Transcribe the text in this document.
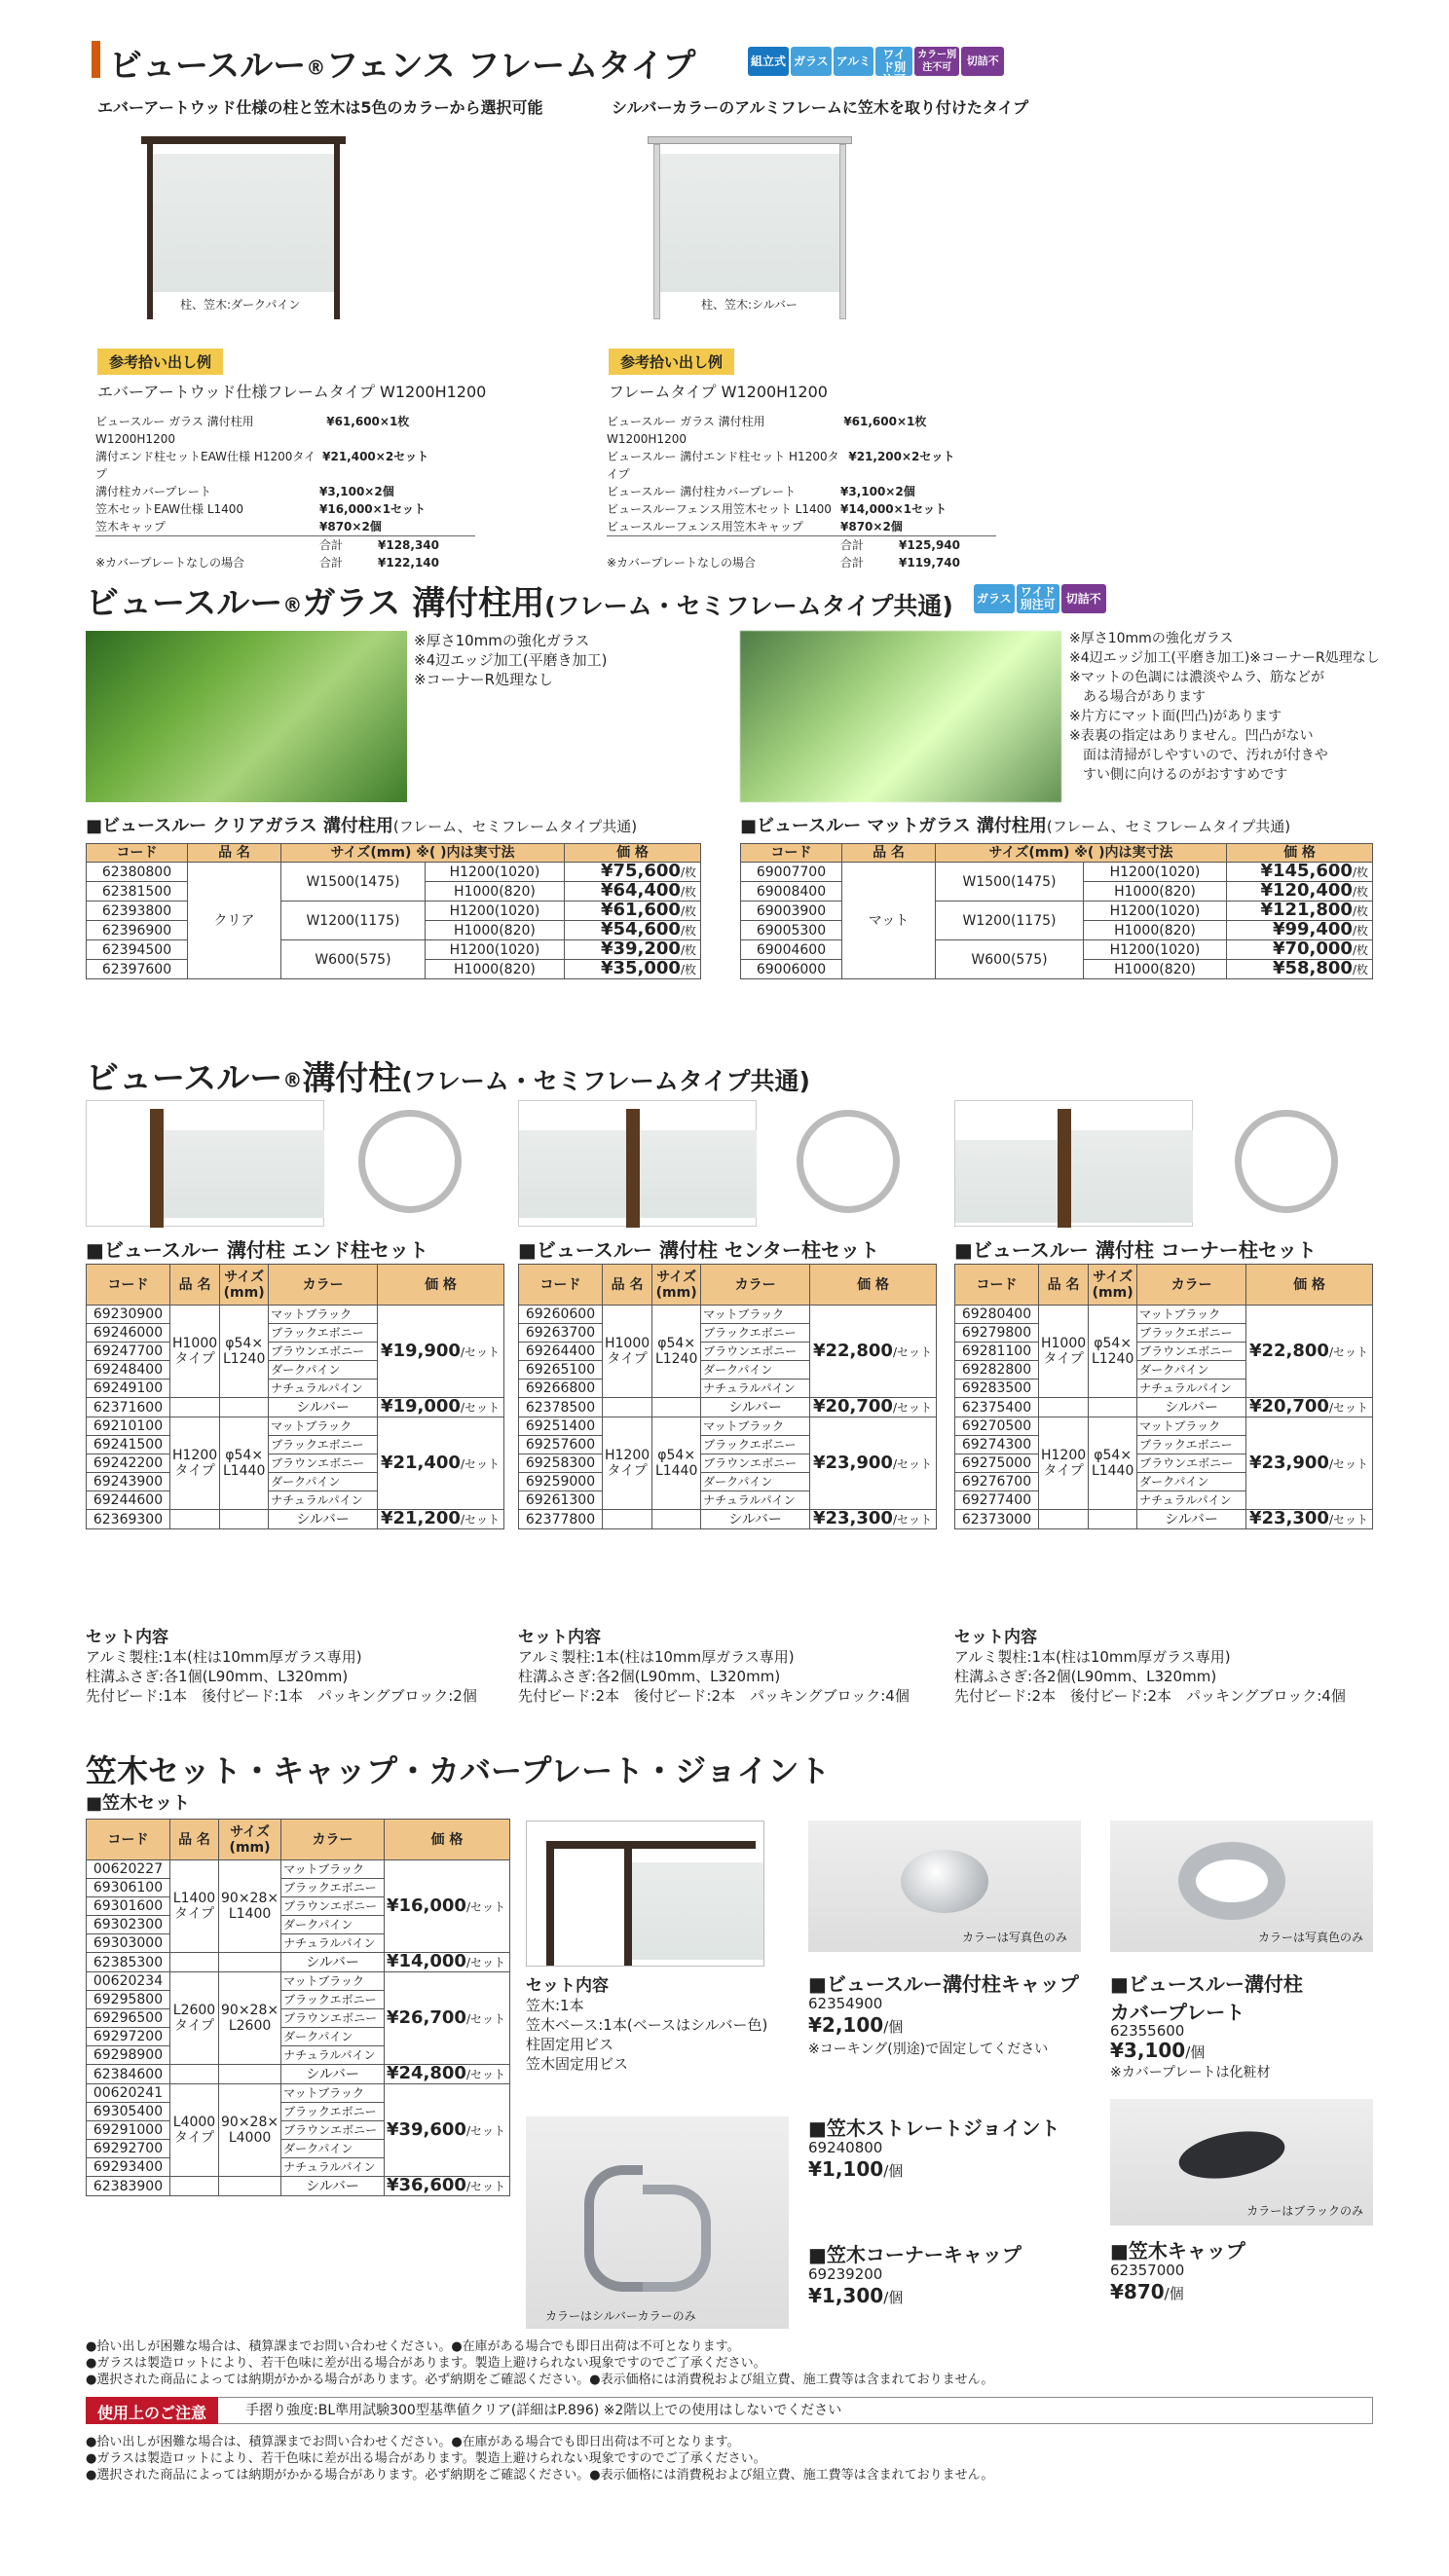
ビュースルー®フェンス フレームタイプ	組立式 ガラス アルミ ワイド別注可カラー別注不可切詰不可
エバーアートウッド仕様の柱と笠木は5色のカラーから選択可能	シルバーカラーのアルミフレームに笠木を取り付けたタイプ
柱、笠木:ダークパイン	柱、笠木:シルバー
参考拾い出し例
エバーアートウッド仕様フレームタイプ W1200H1200
ビュースルー ガラス 溝付柱用 W1200H1200
¥61,600×1枚
溝付エンド柱セットEAW仕様 H1200タイプ
¥21,400×2セット
溝付柱カバープレート	¥3,100×2個
笠木セットEAW仕様 L1400	¥16,000×1セット
笠木キャップ	¥870×2個
合計	¥128,340
※カバープレートなしの場合	合計	¥122,140
参考拾い出し例
フレームタイプ W1200H1200
ビュースルー ガラス 溝付柱用 W1200H1200
¥61,600×1枚
ビュースルー 溝付エンド柱セット H1200タイプ
¥21,200×2セット
ビュースルー 溝付柱カバープレート	¥3,100×2個
ビュースルーフェンス用笠木セット L1400 ¥14,000×1セット
ビュースルーフェンス用笠木キャップ	¥870×2個
合計	¥125,940
※カバープレートなしの場合	合計	¥119,740
ビュースルー®ガラス 溝付柱用(フレーム・セミフレームタイプ共通)	ガラス ワイド別注可 切詰不可
※厚さ10mmの強化ガラス
※4辺エッジ加工(平磨き加工)
※コーナーR処理なし
※厚さ10mmの強化ガラス
※4辺エッジ加工(平磨き加工)※コーナーR処理なし
※マットの色調には濃淡やムラ、筋などが
　ある場合があります
※片方にマット面(凹凸)があります
※表裏の指定はありません。凹凸がない
　面は清掃がしやすいので、汚れが付きや
　すい側に向けるのがおすすめです
■ビュースルー クリアガラス 溝付柱用(フレーム、セミフレームタイプ共通)	■ビュースルー マットガラス 溝付柱用(フレーム、セミフレームタイプ共通)
コード	品 名	サイズ(mm) ※( )内は実寸法		価 格
62380800	クリア	W1500(1475)	H1200(1020)	¥75,600/枚
62381500			H1000(820)	¥64,400/枚
62393800		W1200(1175)	H1200(1020)	¥61,600/枚
62396900			H1000(820)	¥54,600/枚
62394500		W600(575)	H1200(1020)	¥39,200/枚
62397600			H1000(820)	¥35,000/枚
コード	品 名	サイズ(mm) ※( )内は実寸法		価 格
69007700	マット	W1500(1475)	H1200(1020)	¥145,600/枚
69008400			H1000(820)	¥120,400/枚
69003900		W1200(1175)	H1200(1020)	¥121,800/枚
69005300			H1000(820)	¥99,400/枚
69004600		W600(575)	H1200(1020)	¥70,000/枚
69006000			H1000(820)	¥58,800/枚
ビュースルー®溝付柱(フレーム・セミフレームタイプ共通)
■ビュースルー 溝付柱 エンド柱セット	■ビュースルー 溝付柱 センター柱セット	■ビュースルー 溝付柱 コーナー柱セット
コード	品 名	サイズ (mm)	カラー	価 格
69230900	H1000 タイプ	φ54× L1240	マットブラック	¥19,900/セット
69246000			ブラックエボニー	
69247700			ブラウンエボニー	
69248400			ダークパイン	
69249100			ナチュラルパイン	
62371600			シルバー	¥19,000/セット
69210100	H1200 タイプ	φ54× L1440	マットブラック	¥21,400/セット
69241500			ブラックエボニー	
69242200			ブラウンエボニー	
69243900			ダークパイン	
69244600			ナチュラルパイン	
62369300			シルバー	¥21,200/セット
コード	品 名	サイズ (mm)	カラー	価 格
69260600	H1000 タイプ	φ54× L1240	マットブラック	¥22,800/セット
69263700			ブラックエボニー	
69264400			ブラウンエボニー	
69265100			ダークパイン	
69266800			ナチュラルパイン	
62378500			シルバー	¥20,700/セット
69251400	H1200 タイプ	φ54× L1440	マットブラック	¥23,900/セット
69257600			ブラックエボニー	
69258300			ブラウンエボニー	
69259000			ダークパイン	
69261300			ナチュラルパイン	
62377800			シルバー	¥23,300/セット
コード	品 名	サイズ (mm)	カラー	価 格
69280400	H1000 タイプ	φ54× L1240	マットブラック	¥22,800/セット
69279800			ブラックエボニー	
69281100			ブラウンエボニー	
69282800			ダークパイン	
69283500			ナチュラルパイン	
62375400			シルバー	¥20,700/セット
69270500	H1200 タイプ	φ54× L1440	マットブラック	¥23,900/セット
69274300			ブラックエボニー	
69275000			ブラウンエボニー	
69276700			ダークパイン	
69277400			ナチュラルパイン	
62373000			シルバー	¥23,300/セット
セット内容
アルミ製柱:1本(柱は10mm厚ガラス専用)
柱溝ふさぎ:各1個(L90mm、L320mm)
先付ビード:1本　後付ビード:1本　パッキングブロック:2個
セット内容
アルミ製柱:1本(柱は10mm厚ガラス専用)
柱溝ふさぎ:各2個(L90mm、L320mm)
先付ビード:2本　後付ビード:2本　パッキングブロック:4個
セット内容
アルミ製柱:1本(柱は10mm厚ガラス専用)
柱溝ふさぎ:各2個(L90mm、L320mm)
先付ビード:2本　後付ビード:2本　パッキングブロック:4個
笠木セット・キャップ・カバープレート・ジョイント
■笠木セット
コード	品 名	サイズ (mm)	カラー	価 格
00620227	L1400 タイプ	90×28× L1400	マットブラック	¥16,000/セット
69306100			ブラックエボニー	
69301600			ブラウンエボニー	
69302300			ダークパイン	
69303000			ナチュラルパイン	
62385300			シルバー	¥14,000/セット
00620234	L2600 タイプ	90×28× L2600	マットブラック	¥26,700/セット
69295800			ブラックエボニー	
69296500			ブラウンエボニー	
69297200			ダークパイン	
69298900			ナチュラルパイン	
62384600			シルバー	¥24,800/セット
00620241	L4000 タイプ	90×28× L4000	マットブラック	¥39,600/セット
69305400			ブラックエボニー	
69291000			ブラウンエボニー	
69292700			ダークパイン	
69293400			ナチュラルパイン	
62383900			シルバー	¥36,600/セット
セット内容
笠木:1本
笠木ベース:1本(ベースはシルバー色)
柱固定用ビス
笠木固定用ビス
カラーは写真色のみ
■ビュースルー溝付柱キャップ
62354900
¥2,100/個
※コーキング(別途)で固定してください
カラーは写真色のみ
■ビュースルー溝付柱
カバープレート
62355600
¥3,100/個
※カバープレートは化粧材
カラーはシルバーカラーのみ
■笠木ストレートジョイント
69240800
¥1,100/個
■笠木コーナーキャップ
69239200
¥1,300/個
カラーはブラックのみ
■笠木キャップ
62357000
¥870/個
●拾い出しが困難な場合は、積算課までお問い合わせください。●在庫がある場合でも即日出荷は不可となります。
●ガラスは製造ロットにより、若干色味に差が出る場合があります。製造上避けられない現象ですのでご了承ください。
●選択された商品によっては納期がかかる場合があります。必ず納期をご確認ください。●表示価格には消費税および組立費、施工費等は含まれておりません。
使用上のご注意	手摺り強度:BL準用試験300型基準値クリア(詳細はP.896) ※2階以上での使用はしないでください
●拾い出しが困難な場合は、積算課までお問い合わせください。●在庫がある場合でも即日出荷は不可となります。
●ガラスは製造ロットにより、若干色味に差が出る場合があります。製造上避けられない現象ですのでご了承ください。
●選択された商品によっては納期がかかる場合があります。必ず納期をご確認ください。●表示価格には消費税および組立費、施工費等は含まれておりません。
